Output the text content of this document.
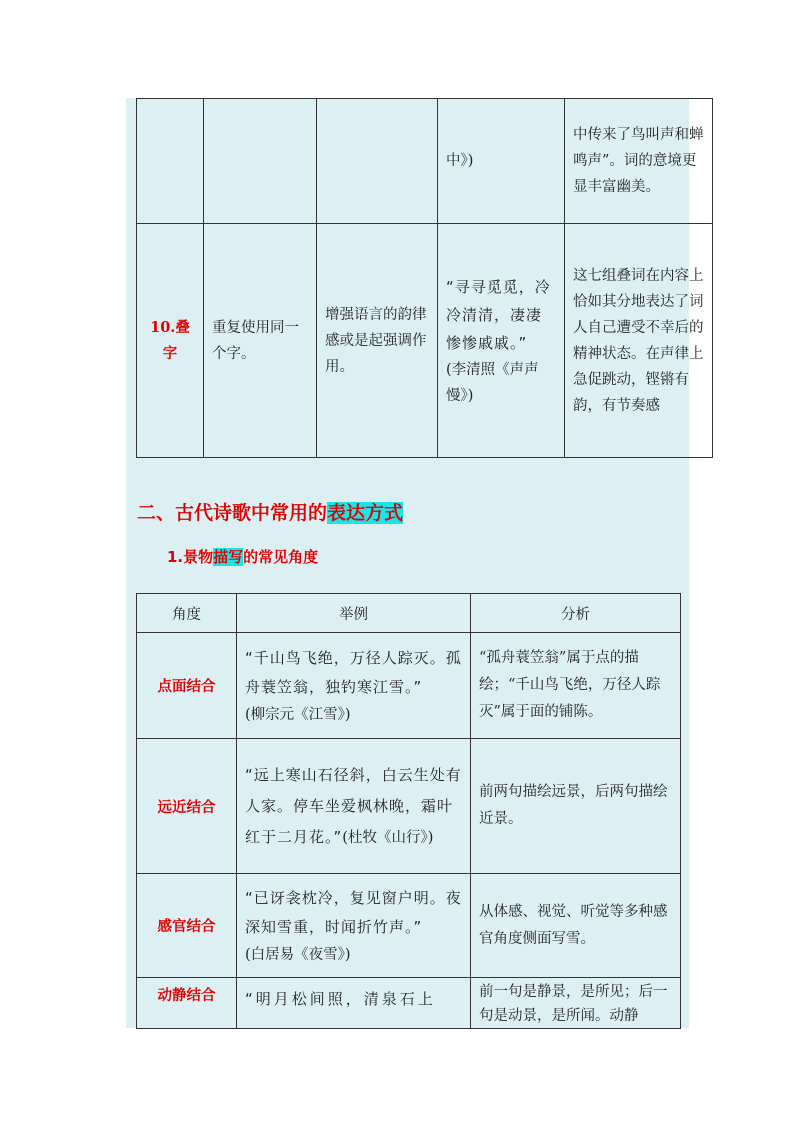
			中》)	中传来了鸟叫声和蝉鸣声”。词的意境更显丰富幽美。
10.叠字	重复使用同一个字。	增强语言的韵律感或是起强调作用。	“寻寻觅觅，冷冷清清，凄凄惨惨戚戚。”
(李清照《声声慢》)	这七组叠词在内容上恰如其分地表达了词人自己遭受不幸后的精神状态。在声律上急促跳动，铿锵有韵，有节奏感
二、古代诗歌中常用的表达方式
1.景物描写的常见角度
角度	举例	分析
点面结合	“千山鸟飞绝，万径人踪灭。孤舟蓑笠翁，独钓寒江雪。”
(柳宗元《江雪》)	“孤舟蓑笠翁”属于点的描绘；“千山鸟飞绝，万径人踪灭”属于面的铺陈。
远近结合	“远上寒山石径斜，白云生处有人家。停车坐爱枫林晚，霜叶红于二月花。”(杜牧《山行》)	前两句描绘远景，后两句描绘近景。
感官结合	“已讶衾枕冷，复见窗户明。夜深知雪重，时闻折竹声。”
(白居易《夜雪》)	从体感、视觉、听觉等多种感官角度侧面写雪。
动静结合	“明月松间照，清泉石上	前一句是静景，是所见；后一句是动景，是所闻。动静
